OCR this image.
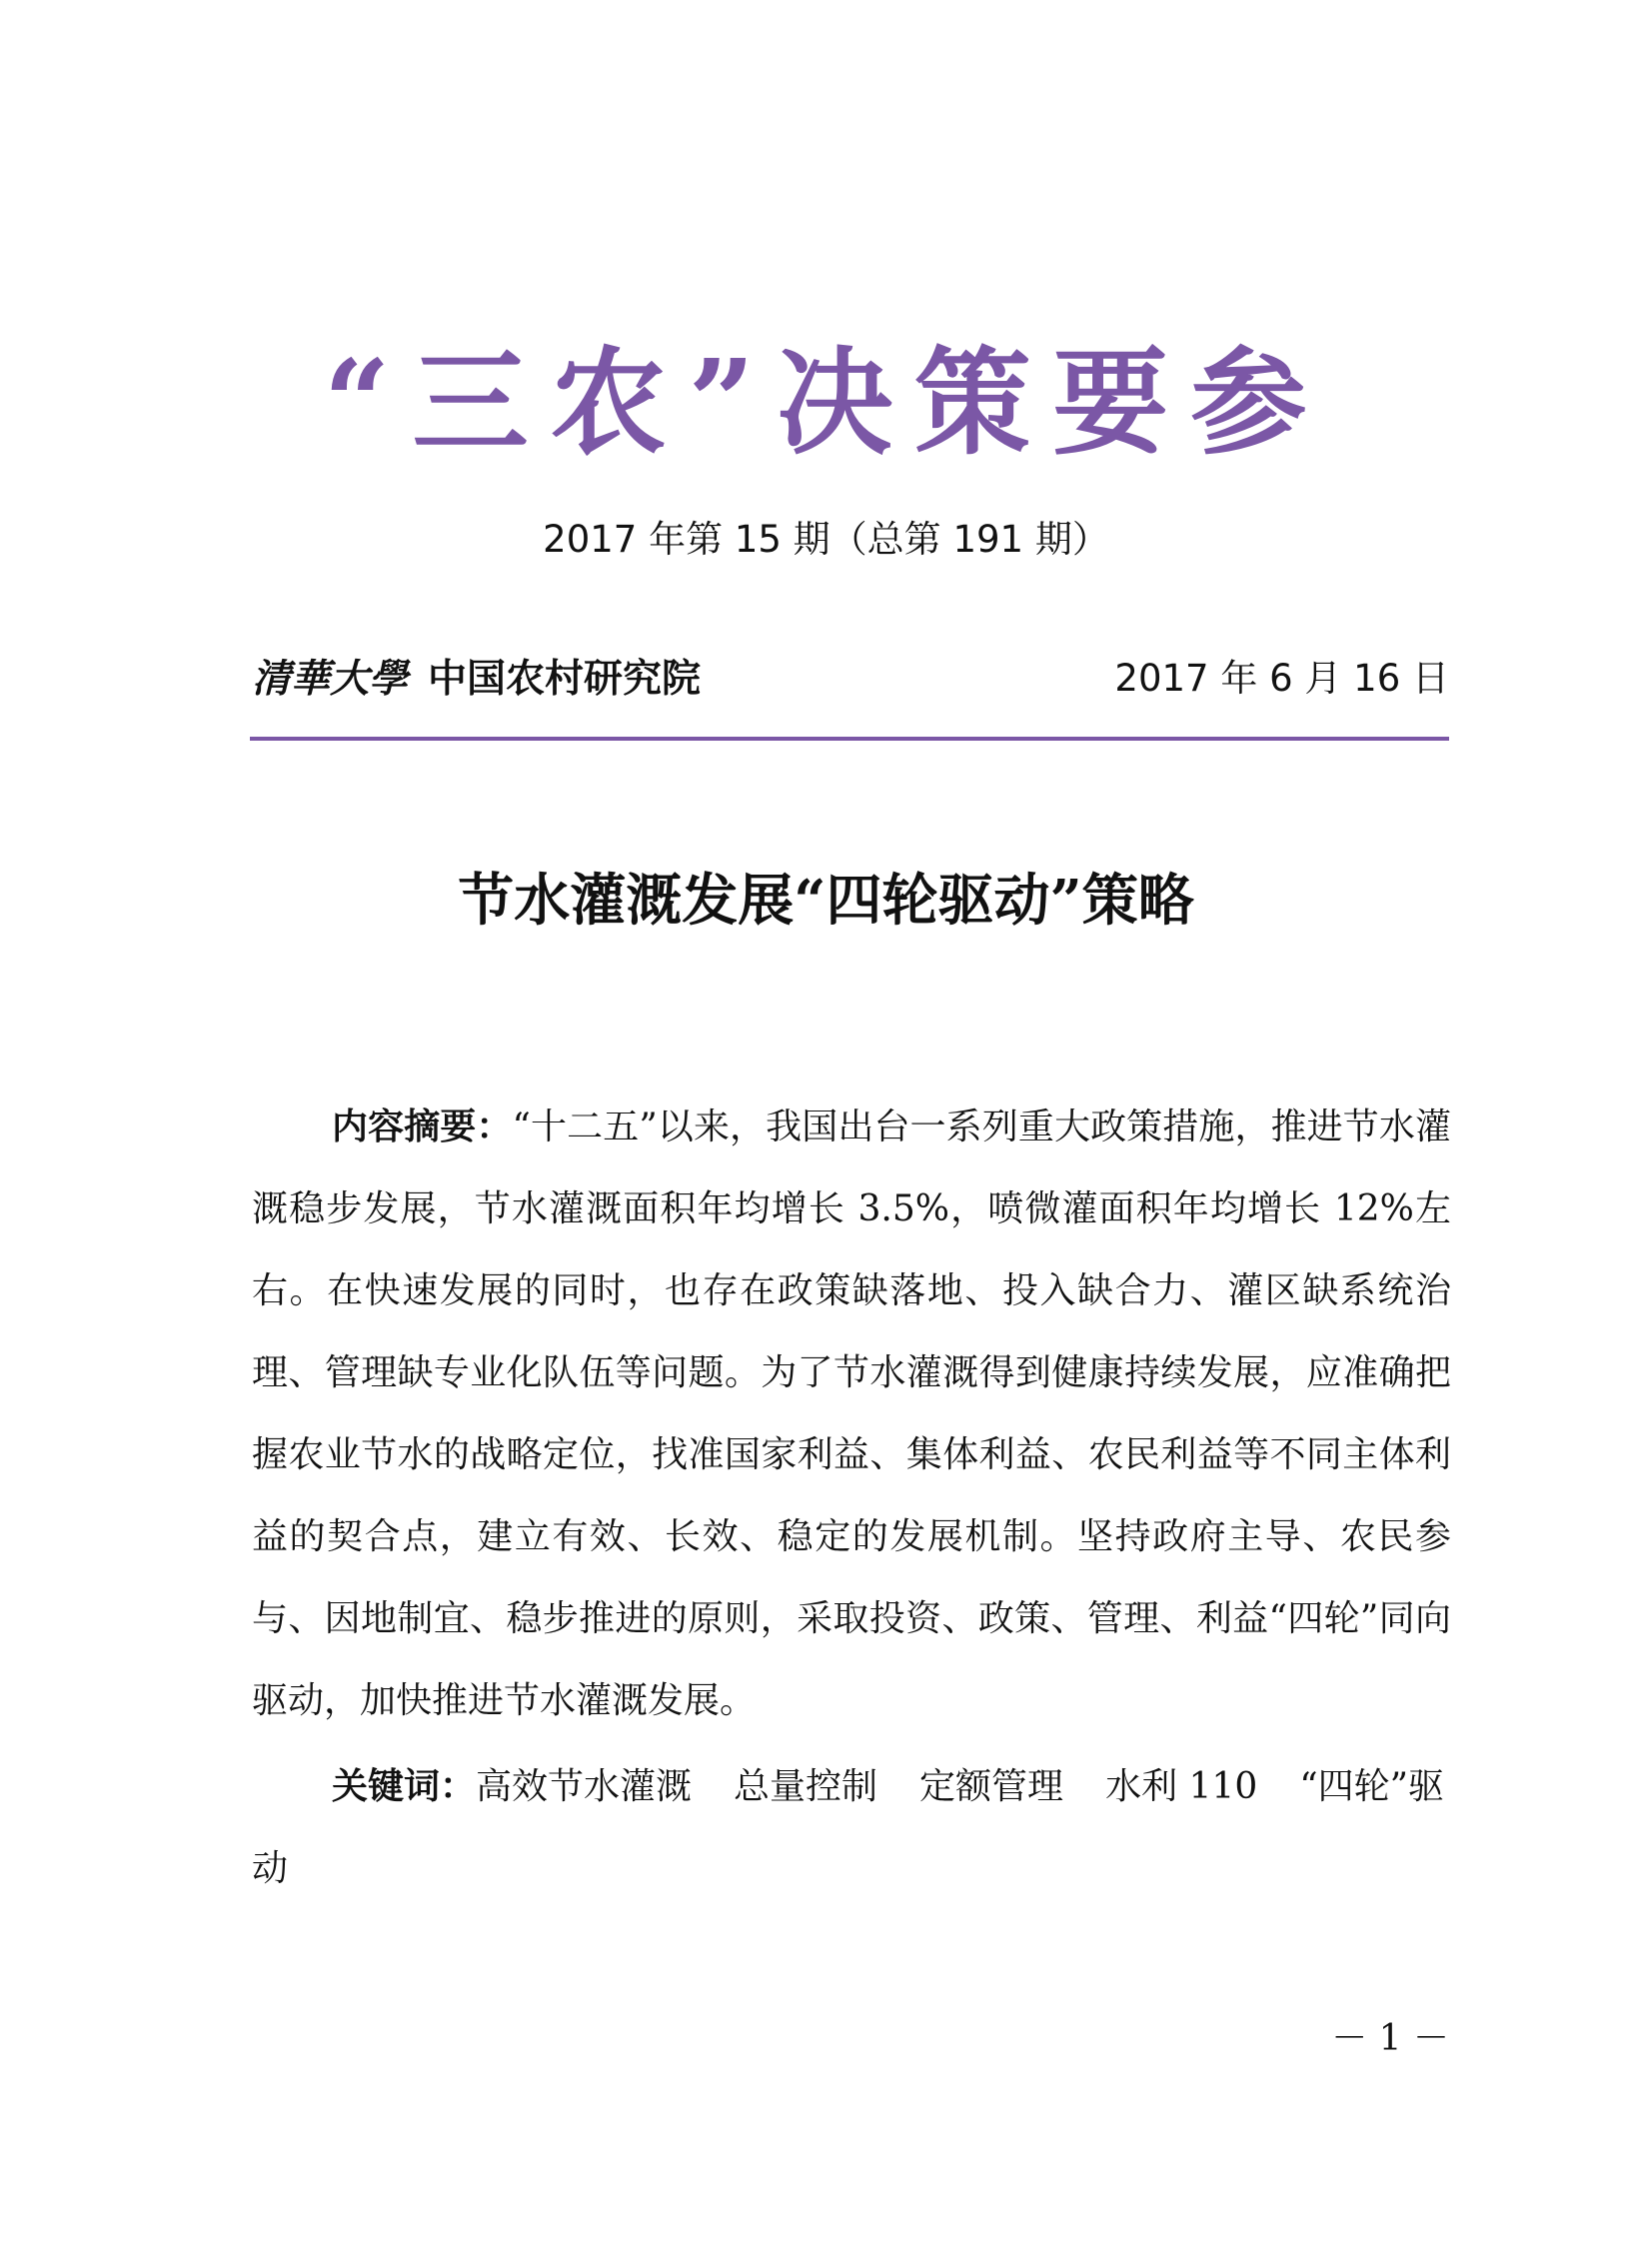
“三农”决策要参
2017 年第 15 期（总第 191 期）
清華大學 中国农村研究院	2017 年 6 月 16 日
节水灌溉发展“四轮驱动”策略

内容摘要：“十二五”以来，我国出台一系列重大政策措施，推进节水灌溉稳步发展，节水灌溉面积年均增长 3.5%，喷微灌面积年均增长 12%左右。在快速发展的同时，也存在政策缺落地、投入缺合力、灌区缺系统治理、管理缺专业化队伍等问题。为了节水灌溉得到健康持续发展，应准确把握农业节水的战略定位，找准国家利益、集体利益、农民利益等不同主体利益的契合点，建立有效、长效、稳定的发展机制。坚持政府主导、农民参与、因地制宜、稳步推进的原则，采取投资、政策、管理、利益“四轮”同向驱动，加快推进节水灌溉发展。

关键词：高效节水灌溉 总量控制 定额管理 水利 110 “四轮”驱动

－ 1 －
